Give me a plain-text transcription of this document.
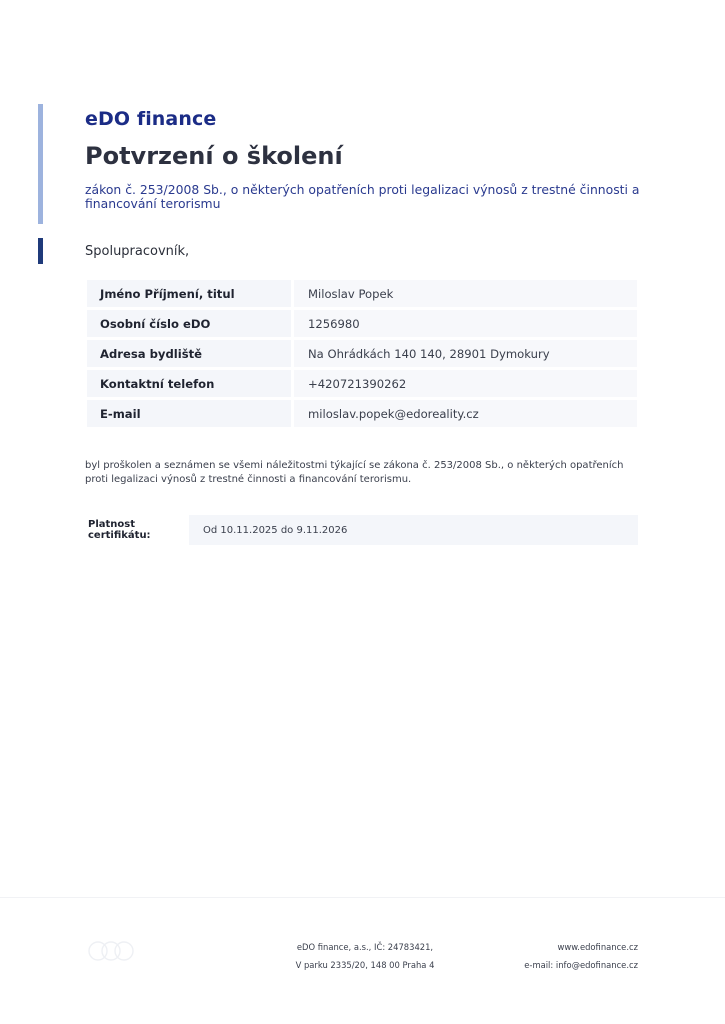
eDO finance
Potvrzení o školení
zákon č. 253/2008 Sb., o některých opatřeních proti legalizaci výnosů z trestné činnosti a financování terorismu
Spolupracovník,
Jméno Příjmení, titul	Miloslav Popek
Osobní číslo eDO	1256980
Adresa bydliště	Na Ohrádkách 140 140, 28901 Dymokury
Kontaktní telefon	+420721390262
E-mail	miloslav.popek@edoreality.cz

byl proškolen a seznámen se všemi náležitostmi týkající se zákona č. 253/2008 Sb., o některých opatřeních proti legalizaci výnosů z trestné činnosti a financování terorismu.

Platnost certifikátu:	Od 10.11.2025 do 9.11.2026
eDO finance, a.s., IČ: 24783421,
V parku 2335/20, 148 00 Praha 4
www.edofinance.cz
e-mail: info@edofinance.cz
